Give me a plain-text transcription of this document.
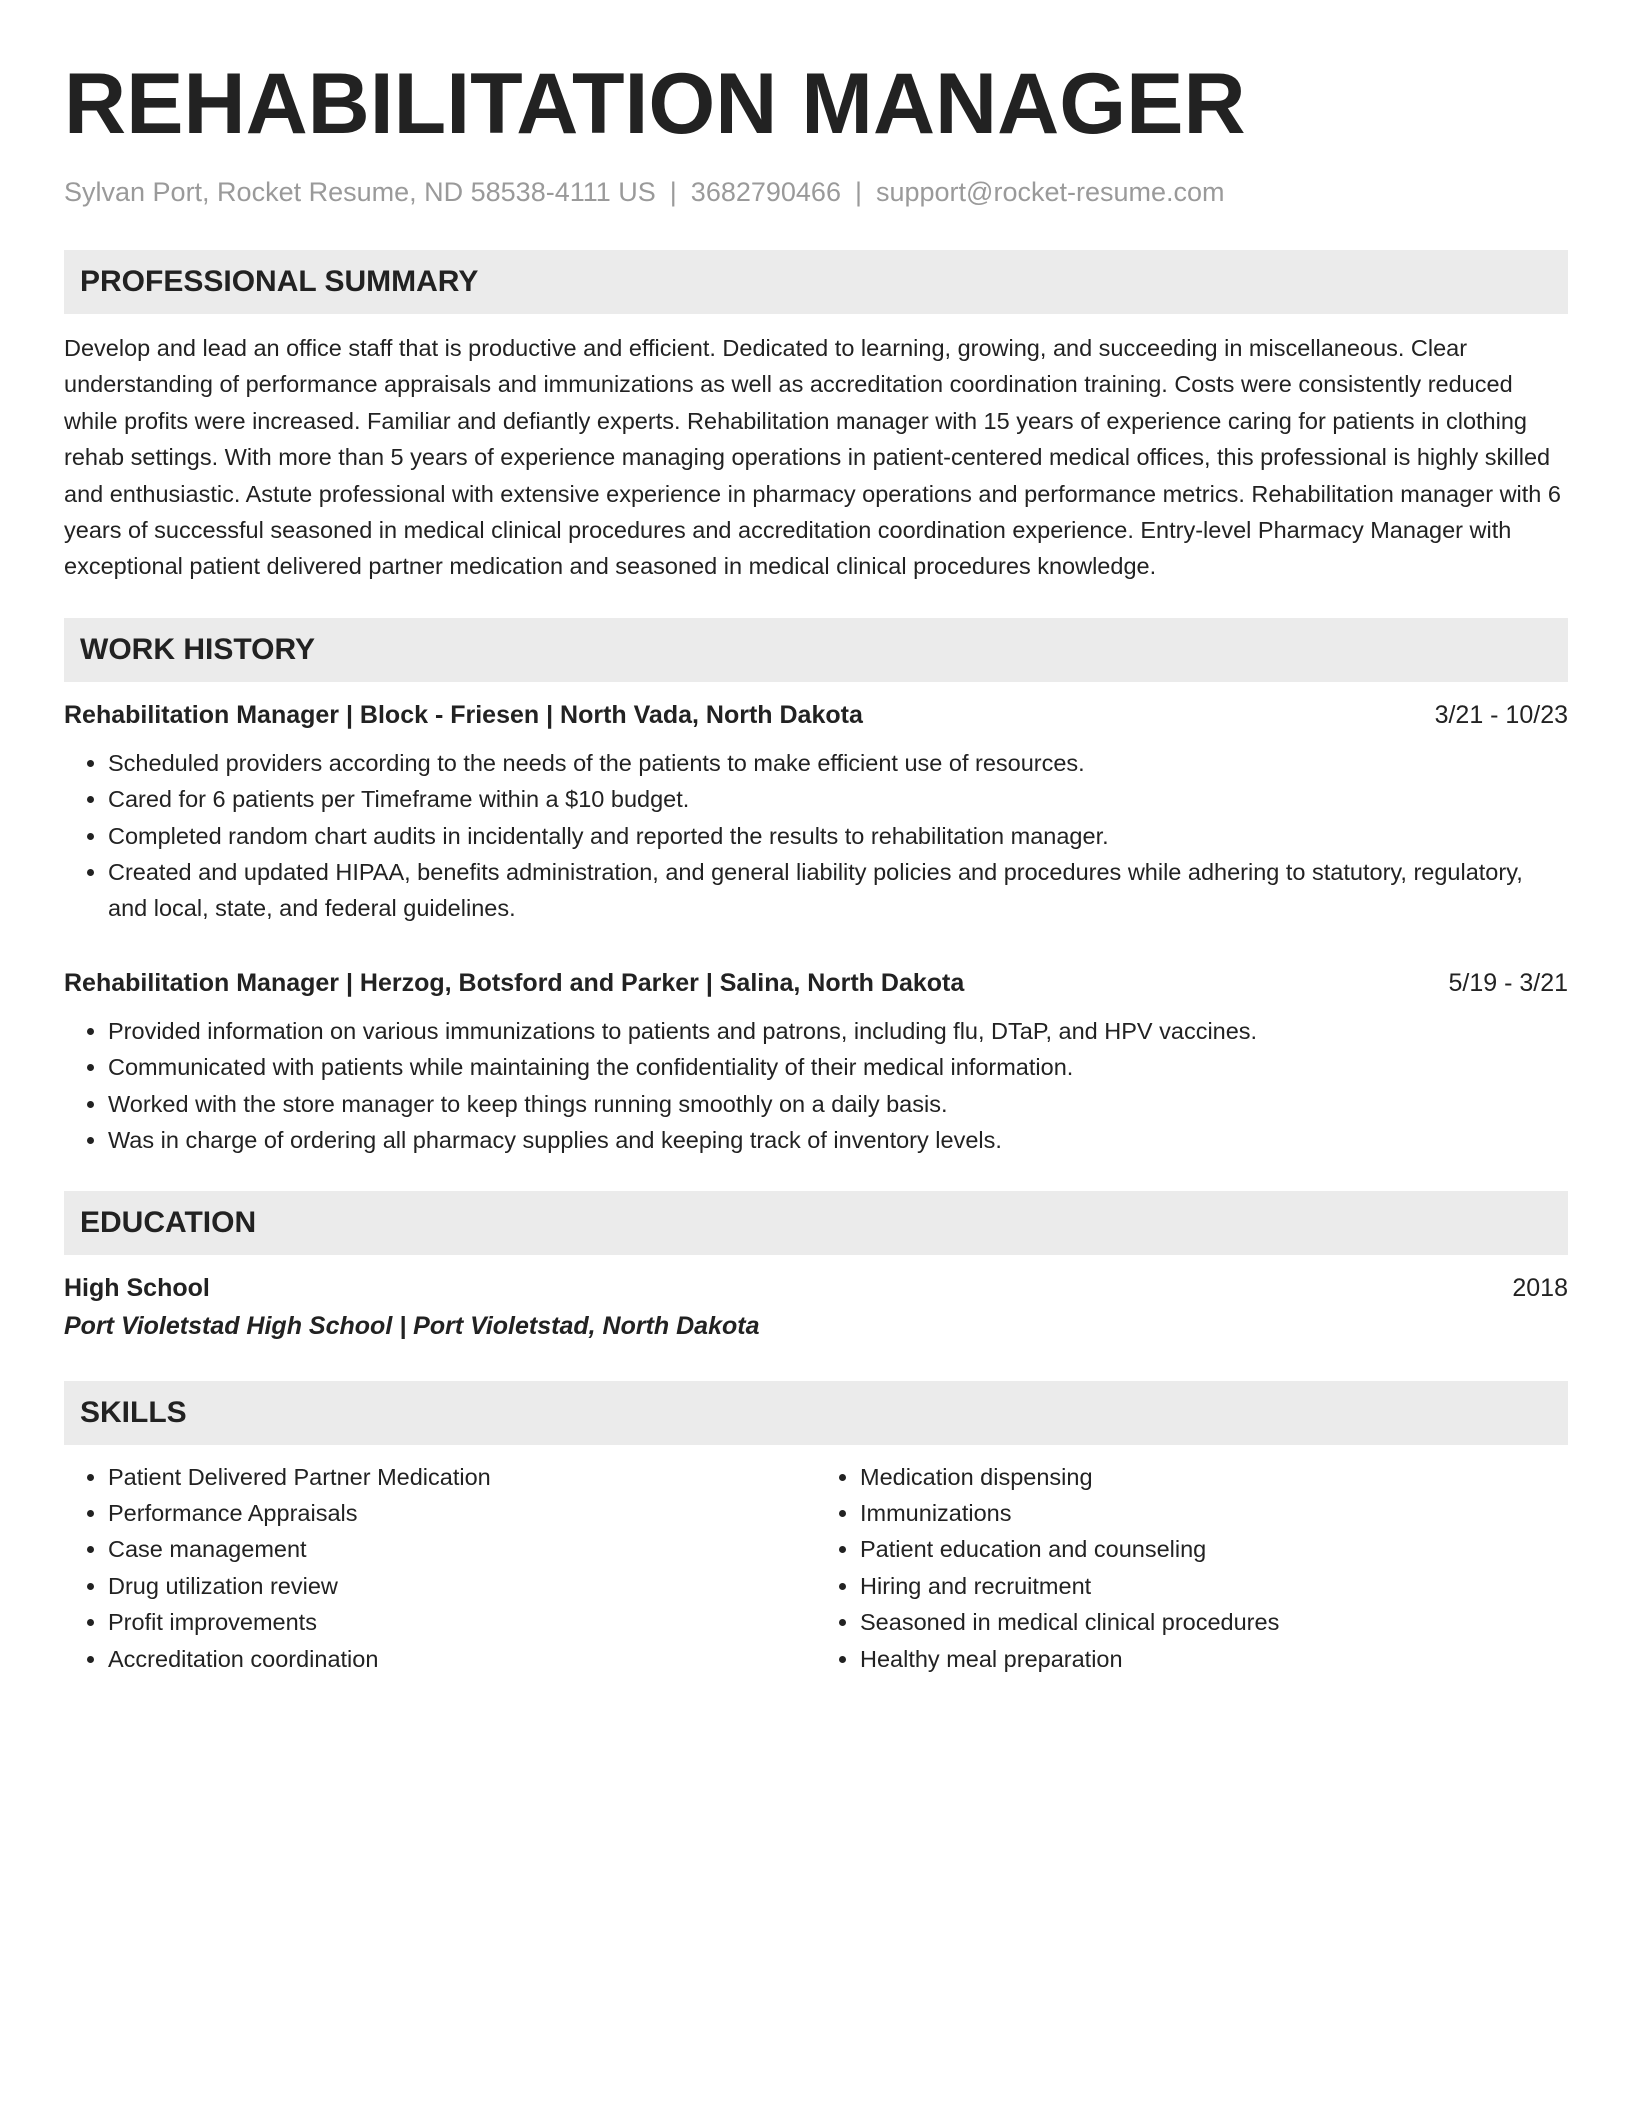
REHABILITATION MANAGER
Sylvan Port, Rocket Resume, ND 58538-4111 US | 3682790466 | support@rocket-resume.com
PROFESSIONAL SUMMARY

Develop and lead an office staff that is productive and efficient. Dedicated to learning, growing, and succeeding in miscellaneous. Clear understanding of performance appraisals and immunizations as well as accreditation coordination training. Costs were consistently reduced while profits were increased. Familiar and defiantly experts. Rehabilitation manager with 15 years of experience caring for patients in clothing rehab settings. With more than 5 years of experience managing operations in patient-centered medical offices, this professional is highly skilled and enthusiastic. Astute professional with extensive experience in pharmacy operations and performance metrics. Rehabilitation manager with 6 years of successful seasoned in medical clinical procedures and accreditation coordination experience. Entry-level Pharmacy Manager with exceptional patient delivered partner medication and seasoned in medical clinical procedures knowledge.

WORK HISTORY
Rehabilitation Manager | Block - Friesen | North Vada, North Dakota	3/21 - 10/23
• Scheduled providers according to the needs of the patients to make efficient use of resources.
• Cared for 6 patients per Timeframe within a $10 budget.
• Completed random chart audits in incidentally and reported the results to rehabilitation manager.
• Created and updated HIPAA, benefits administration, and general liability policies and procedures while adhering to statutory, regulatory, and local, state, and federal guidelines.
Rehabilitation Manager | Herzog, Botsford and Parker | Salina, North Dakota	5/19 - 3/21
• Provided information on various immunizations to patients and patrons, including flu, DTaP, and HPV vaccines.
• Communicated with patients while maintaining the confidentiality of their medical information.
• Worked with the store manager to keep things running smoothly on a daily basis.
• Was in charge of ordering all pharmacy supplies and keeping track of inventory levels.
EDUCATION
High School	2018
Port Violetstad High School | Port Violetstad, North Dakota
SKILLS
• Patient Delivered Partner Medication
• Performance Appraisals
• Case management
• Drug utilization review
• Profit improvements
• Accreditation coordination
• Medication dispensing
• Immunizations
• Patient education and counseling
• Hiring and recruitment
• Seasoned in medical clinical procedures
• Healthy meal preparation
